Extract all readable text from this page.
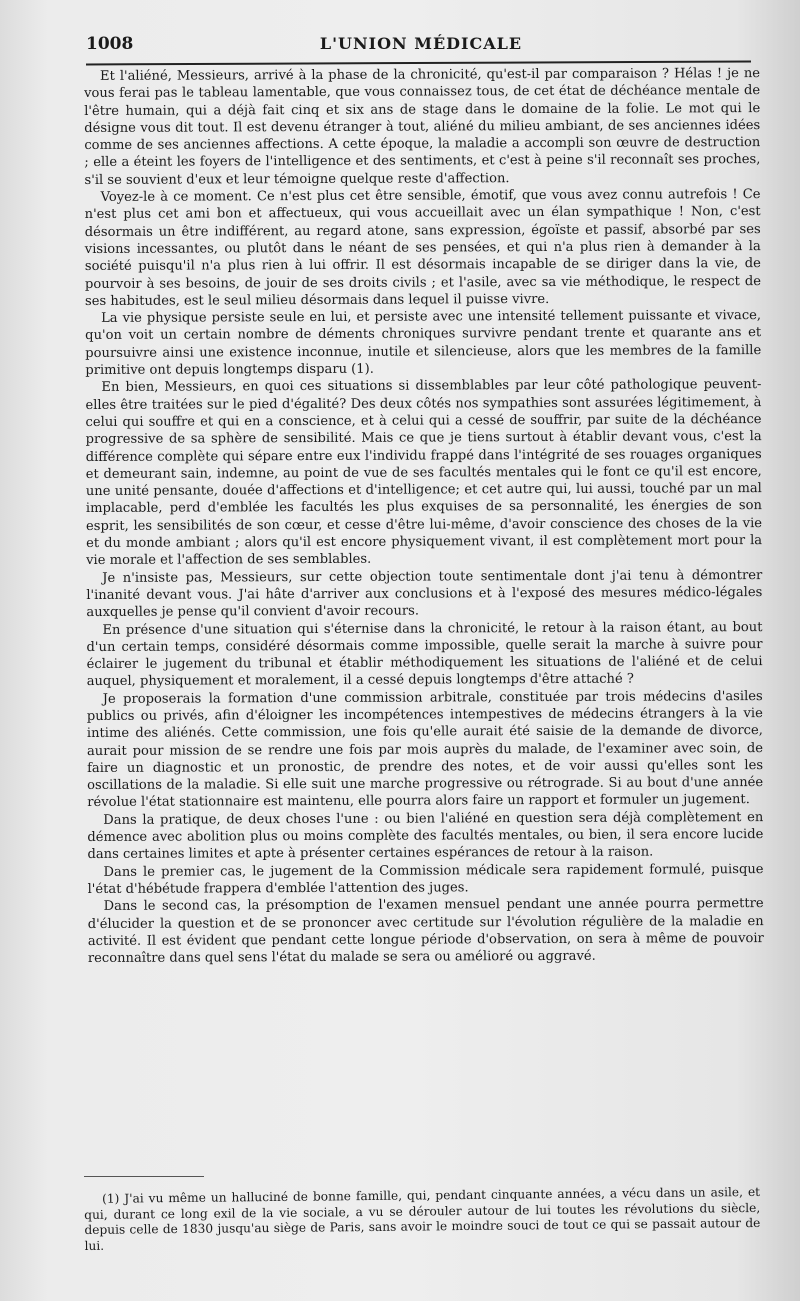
1008	L'UNION MÉDICALE

Et l'aliéné, Messieurs, arrivé à la phase de la chronicité, qu'est-il par comparaison ? Hélas ! je ne vous ferai pas le tableau lamentable, que vous connaissez tous, de cet état de déchéance mentale de l'être humain, qui a déjà fait cinq et six ans de stage dans le domaine de la folie. Le mot qui le désigne vous dit tout. Il est devenu étranger à tout, aliéné du milieu ambiant, de ses anciennes idées comme de ses anciennes affections. A cette époque, la maladie a accompli son œuvre de destruction ; elle a éteint les foyers de l'intelligence et des sentiments, et c'est à peine s'il reconnaît ses proches, s'il se souvient d'eux et leur témoigne quelque reste d'affection.

Voyez-le à ce moment. Ce n'est plus cet être sensible, émotif, que vous avez connu autrefois ! Ce n'est plus cet ami bon et affectueux, qui vous accueillait avec un élan sympathique ! Non, c'est désormais un être indifférent, au regard atone, sans expression, égoïste et passif, absorbé par ses visions incessantes, ou plutôt dans le néant de ses pensées, et qui n'a plus rien à demander à la société puisqu'il n'a plus rien à lui offrir. Il est désormais incapable de se diriger dans la vie, de pourvoir à ses besoins, de jouir de ses droits civils ; et l'asile, avec sa vie méthodique, le respect de ses habitudes, est le seul milieu désormais dans lequel il puisse vivre.

La vie physique persiste seule en lui, et persiste avec une intensité tellement puissante et vivace, qu'on voit un certain nombre de déments chroniques survivre pendant trente et quarante ans et poursuivre ainsi une existence inconnue, inutile et silencieuse, alors que les membres de la famille primitive ont depuis longtemps disparu (1).

En bien, Messieurs, en quoi ces situations si dissemblables par leur côté pathologique peuvent-elles être traitées sur le pied d'égalité? Des deux côtés nos sympathies sont assurées légitimement, à celui qui souffre et qui en a conscience, et à celui qui a cessé de souffrir, par suite de la déchéance progressive de sa sphère de sensibilité. Mais ce que je tiens surtout à établir devant vous, c'est la différence complète qui sépare entre eux l'individu frappé dans l'intégrité de ses rouages organiques et demeurant sain, indemne, au point de vue de ses facultés mentales qui le font ce qu'il est encore, une unité pensante, douée d'affections et d'intelligence; et cet autre qui, lui aussi, touché par un mal implacable, perd d'emblée les facultés les plus exquises de sa personnalité, les énergies de son esprit, les sensibilités de son cœur, et cesse d'être lui-même, d'avoir conscience des choses de la vie et du monde ambiant ; alors qu'il est encore physiquement vivant, il est complètement mort pour la vie morale et l'affection de ses semblables.

Je n'insiste pas, Messieurs, sur cette objection toute sentimentale dont j'ai tenu à démontrer l'inanité devant vous. J'ai hâte d'arriver aux conclusions et à l'exposé des mesures médico-légales auxquelles je pense qu'il convient d'avoir recours.

En présence d'une situation qui s'éternise dans la chronicité, le retour à la raison étant, au bout d'un certain temps, considéré désormais comme impossible, quelle serait la marche à suivre pour éclairer le jugement du tribunal et établir méthodiquement les situations de l'aliéné et de celui auquel, physiquement et moralement, il a cessé depuis longtemps d'être attaché ?

Je proposerais la formation d'une commission arbitrale, constituée par trois médecins d'asiles publics ou privés, afin d'éloigner les incompétences intempestives de médecins étrangers à la vie intime des aliénés. Cette commission, une fois qu'elle aurait été saisie de la demande de divorce, aurait pour mission de se rendre une fois par mois auprès du malade, de l'examiner avec soin, de faire un diagnostic et un pronostic, de prendre des notes, et de voir aussi qu'elles sont les oscillations de la maladie. Si elle suit une marche progressive ou rétrograde. Si au bout d'une année révolue l'état stationnaire est maintenu, elle pourra alors faire un rapport et formuler un jugement.

Dans la pratique, de deux choses l'une : ou bien l'aliéné en question sera déjà complètement en démence avec abolition plus ou moins complète des facultés mentales, ou bien, il sera encore lucide dans certaines limites et apte à présenter certaines espérances de retour à la raison.

Dans le premier cas, le jugement de la Commission médicale sera rapidement formulé, puisque l'état d'hébétude frappera d'emblée l'attention des juges.

Dans le second cas, la présomption de l'examen mensuel pendant une année pourra permettre d'élucider la question et de se prononcer avec certitude sur l'évolution régulière de la maladie en activité. Il est évident que pendant cette longue période d'observation, on sera à même de pouvoir reconnaître dans quel sens l'état du malade se sera ou amélioré ou aggravé.

(1) J'ai vu même un halluciné de bonne famille, qui, pendant cinquante années, a vécu dans un asile, et qui, durant ce long exil de la vie sociale, a vu se dérouler autour de lui toutes les révolutions du siècle, depuis celle de 1830 jusqu'au siège de Paris, sans avoir le moindre souci de tout ce qui se passait autour de lui.
